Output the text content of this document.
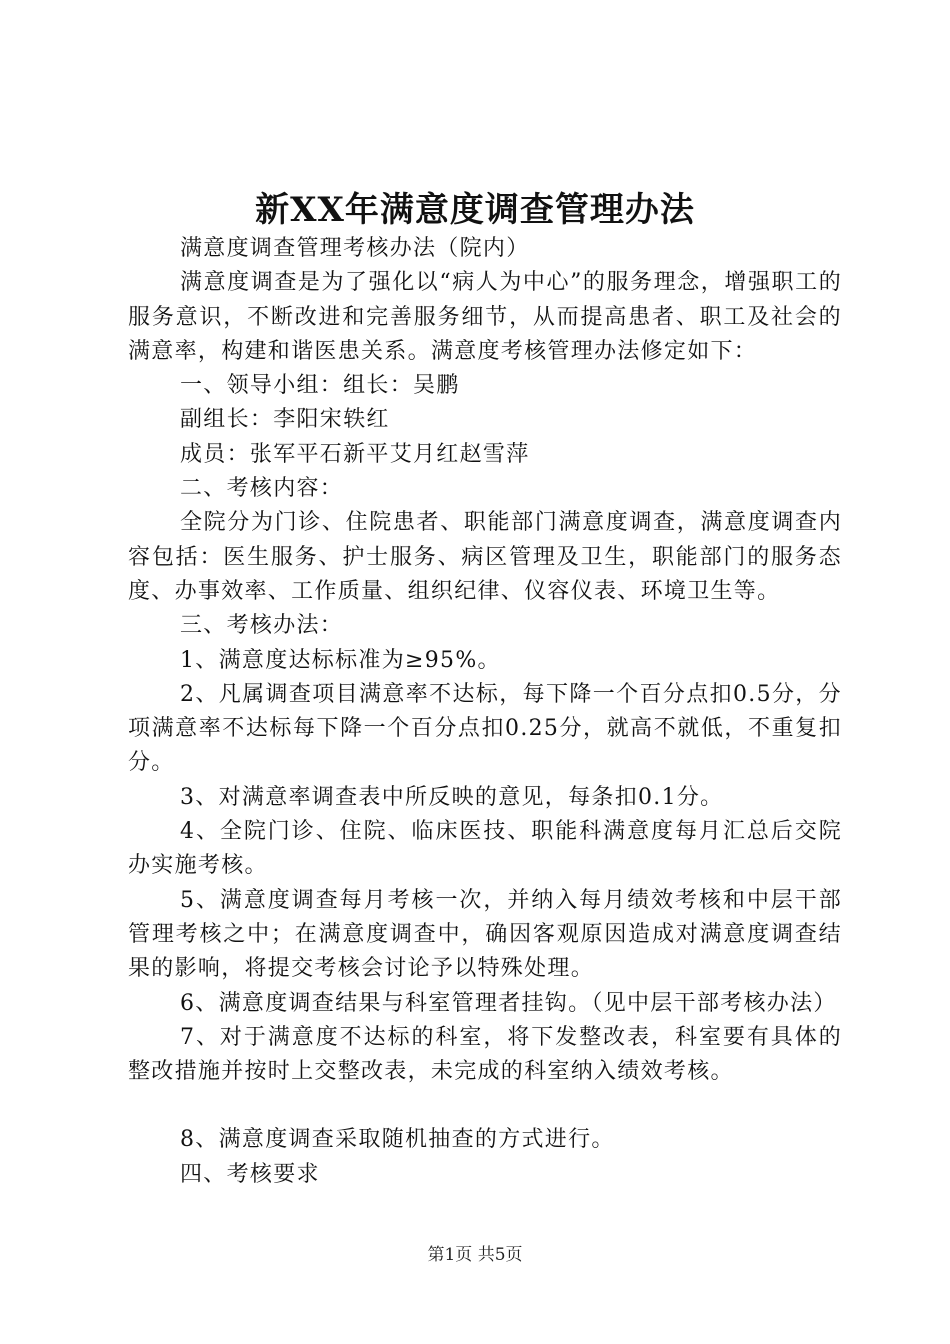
新XX年满意度调查管理办法

满意度调查管理考核办法（院内）

满意度调查是为了强化以“病人为中心”的服务理念，增强职工的服务意识，不断改进和完善服务细节，从而提高患者、职工及社会的满意率，构建和谐医患关系。满意度考核管理办法修定如下：

一、领导小组：组长：吴鹏

副组长：李阳宋轶红

成员：张军平石新平艾月红赵雪萍

二、考核内容：

全院分为门诊、住院患者、职能部门满意度调查，满意度调查内容包括：医生服务、护士服务、病区管理及卫生，职能部门的服务态度、办事效率、工作质量、组织纪律、仪容仪表、环境卫生等。

三、考核办法：

1、满意度达标标准为≥95%。

2、凡属调查项目满意率不达标，每下降一个百分点扣0.5分，分项满意率不达标每下降一个百分点扣0.25分，就高不就低，不重复扣分。

3、对满意率调查表中所反映的意见，每条扣0.1分。

4、全院门诊、住院、临床医技、职能科满意度每月汇总后交院办实施考核。

5、满意度调查每月考核一次，并纳入每月绩效考核和中层干部管理考核之中；在满意度调查中，确因客观原因造成对满意度调查结果的影响，将提交考核会讨论予以特殊处理。

6、满意度调查结果与科室管理者挂钩。（见中层干部考核办法）

7、对于满意度不达标的科室，将下发整改表，科室要有具体的整改措施并按时上交整改表，未完成的科室纳入绩效考核。

8、满意度调查采取随机抽查的方式进行。

四、考核要求

第1页 共5页
